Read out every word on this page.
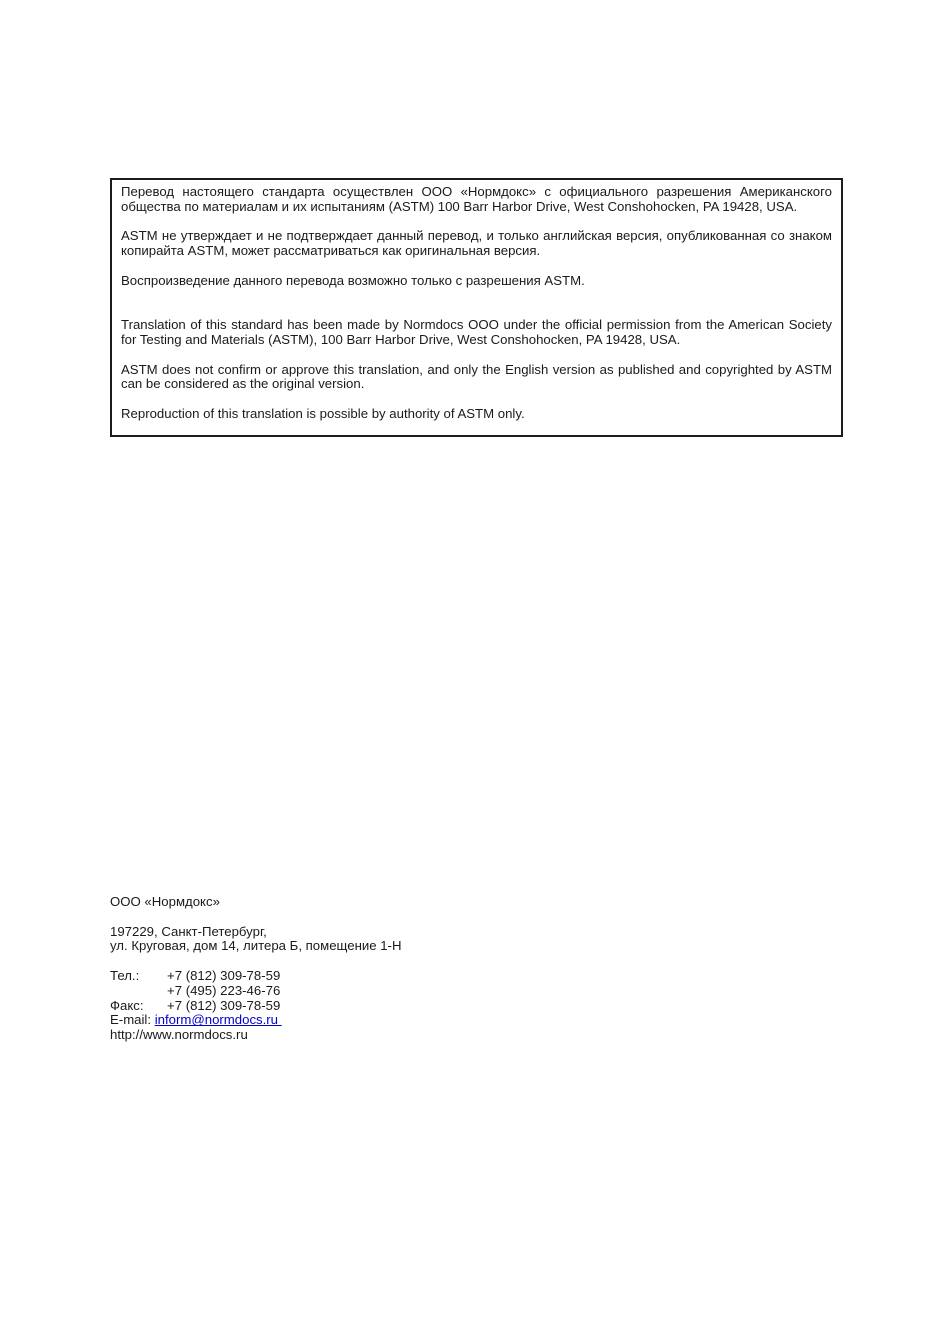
Перевод настоящего стандарта осуществлен ООО «Нормдокс» с официального разрешения Американского общества по материалам и их испытаниям (ASTM) 100 Barr Harbor Drive, West Conshohocken, PA 19428, USA.

ASTM не утверждает и не подтверждает данный перевод, и только английская версия, опубликованная со знаком копирайта ASTM, может рассматриваться как оригинальная версия.

Воспроизведение данного перевода возможно только с разрешения ASTM.

Translation of this standard has been made by Normdocs OOO under the official permission from the American Society for Testing and Materials (ASTM), 100 Barr Harbor Drive, West Conshohocken, PA 19428, USA.

ASTM does not confirm or approve this translation, and only the English version as published and copyrighted by ASTM can be considered as the original version.

Reproduction of this translation is possible by authority of ASTM only.

ООО «Нормдокс»
197229, Санкт-Петербург,
ул. Круговая, дом 14, литера Б, помещение 1-Н
Тел.:	+7 (812) 309-78-59
+7 (495) 223-46-76
Факс:	+7 (812) 309-78-59
E-mail: inform@normdocs.ru
http://www.normdocs.ru
